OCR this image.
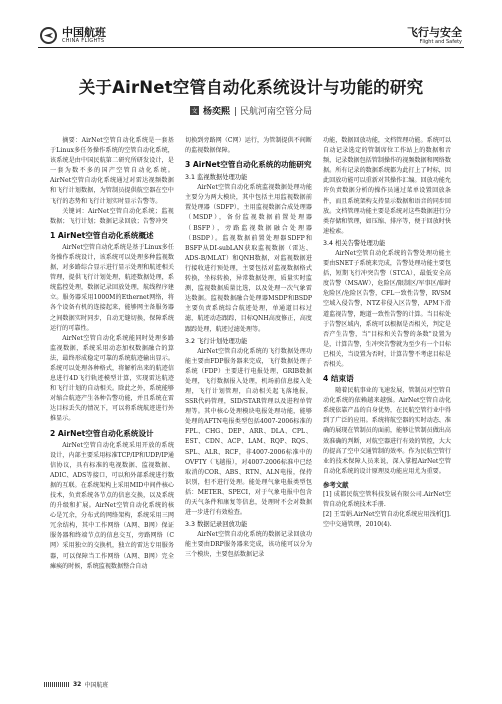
中国航班
CHINA FLIGHTS
飞行与安全
Flight and Safety
关于AirNet空管自动化系统设计与功能的研究
文 杨奕熙 | 民航河南空管分局

摘要：AirNet空管自动化系统是一套基于Linux多任务操作系统的空管自动化系统，该系统是由中国民航第二研究所研发设计，是一套为数不多的国产空管自动化系统。AirNet空管自动化系统通过对雷达视频数据和飞行计划数据，为管制员提供航空器在空中飞行的态势和飞行计划实时显示告警等。

关键词：AirNet空管自动化系统；监视数据；飞行计划；数据记录回放；告警冲突

1 AirNet空管自动化系统概述

AirNet空管自动化系统是基于Linux多任务操作系统设计，该系统可以处理多种监视数据，对多路综合显示进行显示处理和航迹相关管理，提供飞行计划处理，航迹数据处理，系统监控处理，数据记录回放处理，航线程序建立。服务器采用1000M的Ethernet网络，将各个设备有机的连接起来，能够网主备服务器之间数据实时同步，自动无缝切换，保障系统运行的可靠性。

AirNet空管自动化系统能同时处理多路监视数据，系统采用动态加权数据融合的算法，最终形成稳定可靠的系统航迹输出显示。系统可以处理各种格式，将解析出来的航迹信息进行4D飞行轨迹模型计算，实现雷达航迹和飞行计划的自动相关。除此之外，系统能够对缩合航迹产生各种告警功能，并且系统在雷达目标丢失的情况下，可以将系统航迹进行外推显示。

2 AirNet空管自动化系统设计

AirNet空管自动化系统采用开放的系统设计，内部主要采用标准TCP/IP和UDP/IP通信协议，具有标准的电视数据、监视数据、ADIC、ADS等接口，可以和外部系统进行数据的互联。在系统架构上采用MID中间件核心技术，负责系统各节点的信息交换，以及系统的升级和扩展。AirNet空管自动化系统的核心是冗余，分布式的网络架构，系统采用三网冗余结构，其中工作网络（A网、B网）保证服务器和终端节点的信息交互，旁路网络（C网）采用独立的交换机，独立的雷达专用服务器，可以保障当工作网络（A网、B网）完全瘫痪的时候，系统监视数据整合自动

切换到旁路网（C网）运行，为管制提供不间断的监视数据保障。

3 AirNet空管自动化系统的功能研究
3.1 监视数据处理功能

AirNet空管自动化系统监视数据处理功能主要分为两大模块，其中包括主用监视数据前置处理器（SDFP），主用监视数据合成处理器（MSDP），备份监视数据前置处理器（BSFP），旁路监视数据融合处理器（BSDP）。监视数据前置处理器SDFP和BSFP从DI-subLAN获取监视数据（雷达、ADS-B/MLAT）和QNH数据，对监视数据进行接收进行预处理，主要包括对监视数据格式转换，坐标转换，异常数据处理，质量实时监测，监视数据质量比选，以及处理一次气象雷达数据。监视数据融合处理器MSDP和BSDP主要负责系统综合航迹处理，单通道目标过滤，航迹动态跟踪，目标QNH高度修正，高度跟踪处理，航迹过滤处理等。

3.2 飞行计划处理功能

AirNet空管自动化系统的飞行数据处理功能主要由FDP服务器来完成，飞行数据处理子系统（FDP）主要进行电报处理，GRIB数据处理，飞行数据报入处理，机场前信息接入处理，飞行计划管理，自动相关起飞落地报，SSR代码管理，SID/STAR管理以及进程单管理等。其中核心处理模块电报处理功能，能够处理的AFTN电报类型包括4007-2006标准的FPL、CHG、DEP、ARR、DLA、CPL、EST、CDN、ACP、LAM、RQP、RQS、SPL、ALR、RCF，非4007-2006标准中的OVFTY（飞越报），对4007-2006标准中已经取消的COR、ABS、RTN、ALN电报，保持识别，但不进行处理。能处理气象电报类型包括：METER、SPECI，对于气象电报中包含的天气条件和康复等信息，处理时不会对数据进一步进行有效检查。

3.3 数据记录回放功能

AirNet空管自动化系统的数据记录回放功能主要由DRP服务器来完成，该功能可以分为三个模块，主要包括数据记录

功能，数据回放功能，文档管理功能。系统可以自动记录选定的管制席位工作站上的数据和音频，记录数据包括管制操作的视频数据和网络数据。所有记录的数据系统都为此打上了时标，因此回放功能可以重新对其操作汇编。回放功能允许负责数据分析的操作员通过菜单设置回放条件，而且系统架构支持显示数据和语音的同步回放。文档管理功能主要是系统对这些数据进行分类存储和管理，如压缩、排序等，便于回放时快速检索。

3.4 相关告警处理功能

AirNet空管自动化系统的告警处理功能主要由SNET子系统来完成，告警处理功能主要包括，短期飞行冲突告警（STCA），最低安全高度告警（MSAW），危险区/限制区/军事区/临时危险区/危险区告警，CFL一致性告警，RVSM空域入侵告警，NTZ非侵入区告警，APM下滑道监视告警，跑道一致性告警的计算。当目标处于告警区域内，系统可以根据是否相关，判定是否产生告警，当"目标和关告警的条数"设置为是，计算告警，生冲突告警就为至少有一个目标已相关，当设置为否时，计算告警不考虑目标是否相关。

4 结束语

随着民航事业的飞速发展，管制员对空管自动化系统的依赖越来越强。AirNet空管自动化系统依靠产品的自身优势，在民航空管行业中得到了广泛的应用。系统将航空器的实时动态、准确的展现在管制员的面前，能够让管制员做出高效准确的判断，对航空器进行有效的管控，大大的提高了空中交通管制的效率。作为民航空管行业的技术保障人员来说，深入掌握AirNet空管自动化系统的设计原理及功能应用尤为重要。

参考文献

[1] 成都民航空管科技发展有限公司.AirNet空管自动化系统技术手册.

[2] 王雪娟.AirNet空管自动化系统应用浅析[J].空中交通管理，2010(4).

32 中国航班
